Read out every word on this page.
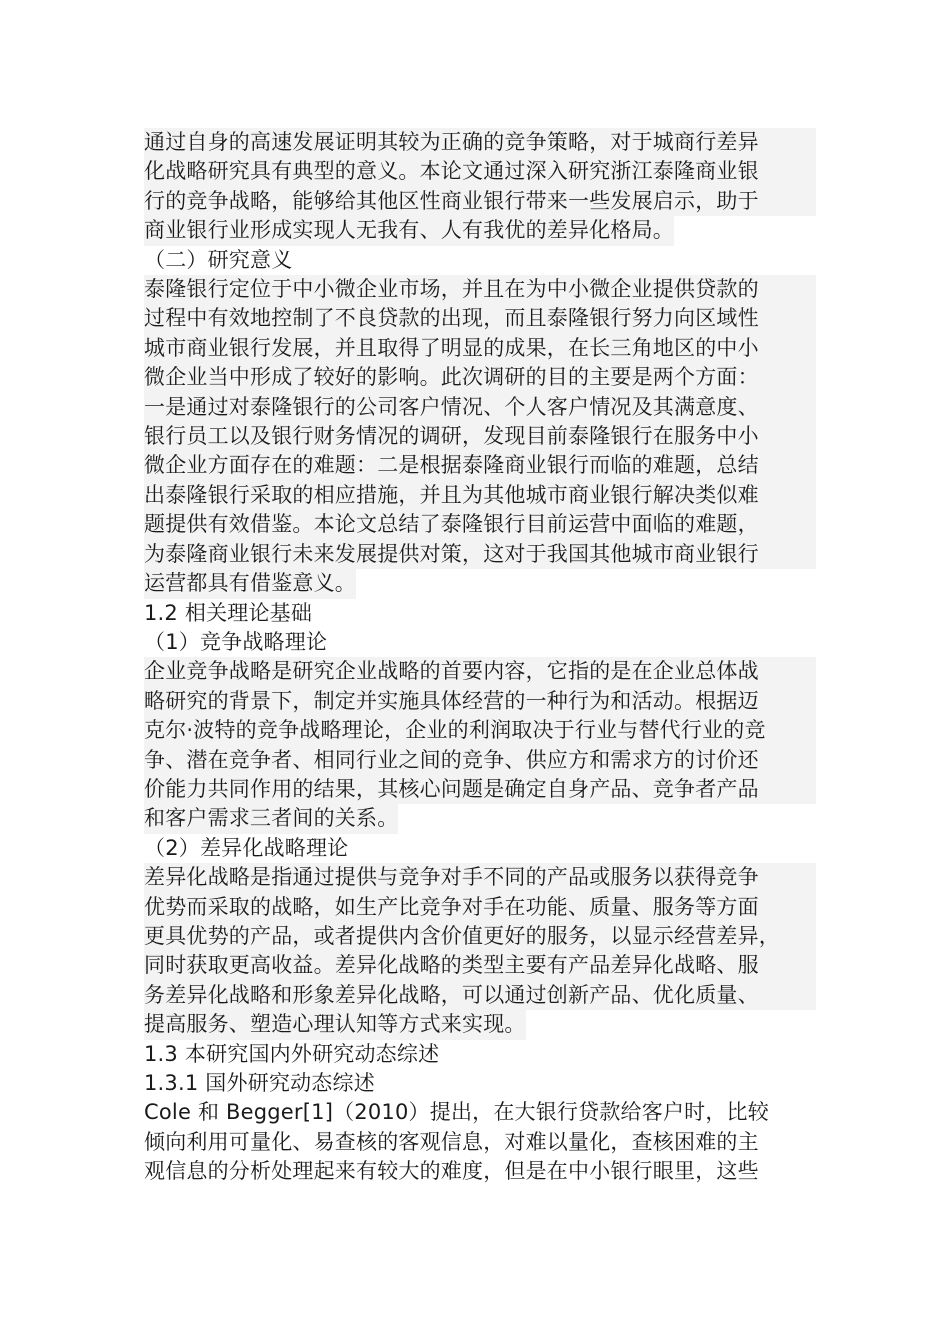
通过自身的高速发展证明其较为正确的竞争策略，对于城商行差异
化战略研究具有典型的意义。本论文通过深入研究浙江泰隆商业银
行的竞争战略，能够给其他区性商业银行带来一些发展启示，助于
商业银行业形成实现人无我有、人有我优的差异化格局。
（二）研究意义
泰隆银行定位于中小微企业市场，并且在为中小微企业提供贷款的
过程中有效地控制了不良贷款的出现，而且泰隆银行努力向区域性
城市商业银行发展，并且取得了明显的成果，在长三角地区的中小
微企业当中形成了较好的影响。此次调研的目的主要是两个方面：
一是通过对泰隆银行的公司客户情况、个人客户情况及其满意度、
银行员工以及银行财务情况的调研，发现目前泰隆银行在服务中小
微企业方面存在的难题：二是根据泰隆商业银行而临的难题，总结
出泰隆银行采取的相应措施，并且为其他城市商业银行解决类似难
题提供有效借鉴。本论文总结了泰隆银行目前运营中面临的难题，
为泰隆商业银行未来发展提供对策，这对于我国其他城市商业银行
运营都具有借鉴意义。
1.2 相关理论基础
（1）竞争战略理论
企业竞争战略是研究企业战略的首要内容，它指的是在企业总体战
略研究的背景下，制定并实施具体经营的一种行为和活动。根据迈
克尔·波特的竞争战略理论，企业的利润取决于行业与替代行业的竞
争、潜在竞争者、相同行业之间的竞争、供应方和需求方的讨价还
价能力共同作用的结果，其核心问题是确定自身产品、竞争者产品
和客户需求三者间的关系。
（2）差异化战略理论
差异化战略是指通过提供与竞争对手不同的产品或服务以获得竞争
优势而采取的战略，如生产比竞争对手在功能、质量、服务等方面
更具优势的产品，或者提供内含价值更好的服务，以显示经营差异，
同时获取更高收益。差异化战略的类型主要有产品差异化战略、服
务差异化战略和形象差异化战略，可以通过创新产品、优化质量、
提高服务、塑造心理认知等方式来实现。
1.3 本研究国内外研究动态综述
1.3.1 国外研究动态综述
Cole 和 Begger[1]（2010）提出，在大银行贷款给客户时，比较
倾向利用可量化、易查核的客观信息，对难以量化，查核困难的主
观信息的分析处理起来有较大的难度，但是在中小银行眼里，这些
